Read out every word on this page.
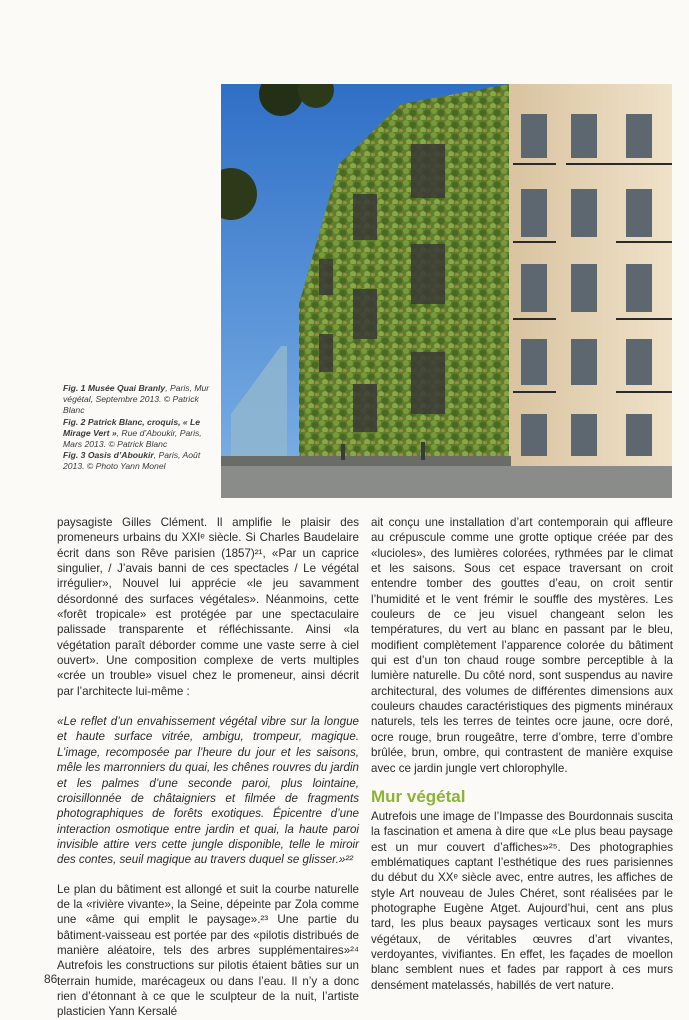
Fig. 1 Musée Quai Branly, Paris, Mur végétal, Septembre 2013. © Patrick Blanc

Fig. 2 Patrick Blanc, croquis, « Le Mirage Vert », Rue d’Aboukir, Paris, Mars 2013. © Patrick Blanc

Fig. 3 Oasis d’Aboukir, Paris, Août 2013. © Photo Yann Monel

paysagiste Gilles Clément. Il amplifie le plaisir des promeneurs urbains du XXIᵉ siècle. Si Charles Baudelaire écrit dans son Rêve parisien (1857)²¹, «Par un caprice singulier, / J’avais banni de ces spectacles / Le végétal irrégulier», Nouvel lui apprécie «le jeu savamment désordonné des surfaces végétales». Néanmoins, cette «forêt tropicale» est protégée par une spectaculaire palissade transparente et réfléchissante. Ainsi «la végétation paraît déborder comme une vaste serre à ciel ouvert». Une composition complexe de verts multiples «crée un trouble» visuel chez le promeneur, ainsi décrit par l’architecte lui-même :

«Le reflet d’un envahissement végétal vibre sur la longue et haute surface vitrée, ambigu, trompeur, magique. L’image, recomposée par l’heure du jour et les saisons, mêle les marronniers du quai, les chênes rouvres du jardin et les palmes d’une seconde paroi, plus lointaine, croisillonnée de châtaigniers et filmée de fragments photographiques de forêts exotiques. Épicentre d’une interaction osmotique entre jardin et quai, la haute paroi invisible attire vers cette jungle disponible, telle le miroir des contes, seuil magique au travers duquel se glisser.»²²

Le plan du bâtiment est allongé et suit la courbe naturelle de la «rivière vivante», la Seine, dépeinte par Zola comme une «âme qui emplit le paysage».²³ Une partie du bâtiment-vaisseau est portée par des «pilotis distribués de manière aléatoire, tels des arbres supplémentaires»²⁴ Autrefois les constructions sur pilotis étaient bâties sur un terrain humide, marécageux ou dans l’eau. Il n’y a donc rien d’étonnant à ce que le sculpteur de la nuit, l’artiste plasticien Yann Kersalé

ait conçu une installation d’art contemporain qui affleure au crépuscule comme une grotte optique créée par des «lucioles», des lumières colorées, rythmées par le climat et les saisons. Sous cet espace traversant on croit entendre tomber des gouttes d’eau, on croit sentir l’humidité et le vent frémir le souffle des mystères. Les couleurs de ce jeu visuel changeant selon les températures, du vert au blanc en passant par le bleu, modifient complètement l’apparence colorée du bâtiment qui est d’un ton chaud rouge sombre perceptible à la lumière naturelle. Du côté nord, sont suspendus au navire architectural, des volumes de différentes dimensions aux couleurs chaudes caractéristiques des pigments minéraux naturels, tels les terres de teintes ocre jaune, ocre doré, ocre rouge, brun rougeâtre, terre d’ombre, terre d’ombre brûlée, brun, ombre, qui contrastent de manière exquise avec ce jardin jungle vert chlorophylle.

Mur végétal

Autrefois une image de l’Impasse des Bourdonnais suscita la fascination et amena à dire que «Le plus beau paysage est un mur couvert d’affiches»²⁵. Des photographies emblématiques captant l’esthétique des rues parisiennes du début du XXᵉ siècle avec, entre autres, les affiches de style Art nouveau de Jules Chéret, sont réalisées par le photographe Eugène Atget. Aujourd’hui, cent ans plus tard, les plus beaux paysages verticaux sont les murs végétaux, de véritables œuvres d’art vivantes, verdoyantes, vivifiantes. En effet, les façades de moellon blanc semblent nues et fades par rapport à ces murs densément matelassés, habillés de vert nature.

86
